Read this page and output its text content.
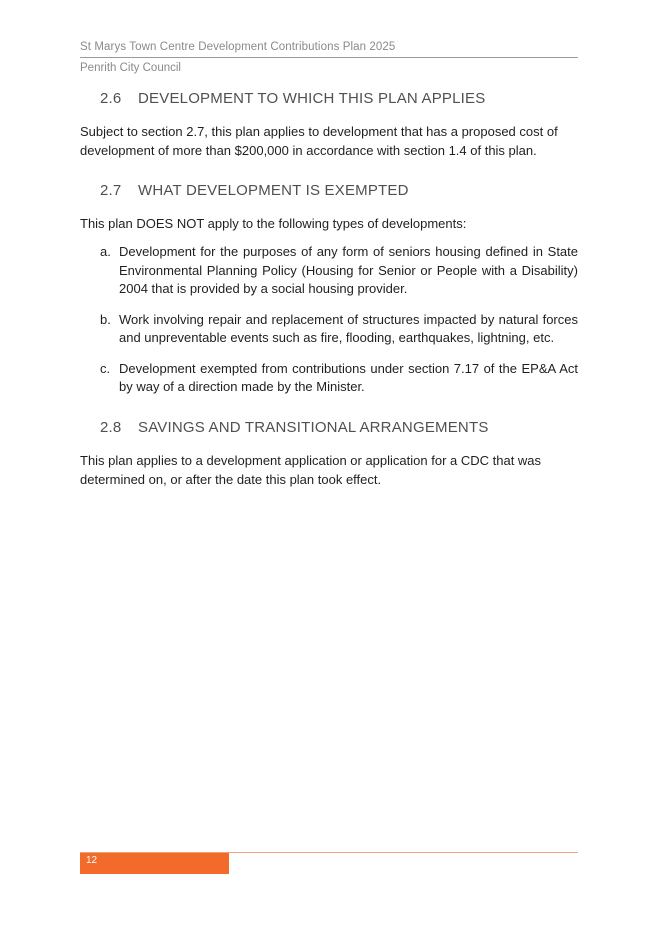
St Marys Town Centre Development Contributions Plan 2025
Penrith City Council
2.6	DEVELOPMENT TO WHICH THIS PLAN APPLIES

Subject to section 2.7, this plan applies to development that has a proposed cost of development of more than $200,000 in accordance with section 1.4 of this plan.

2.7	WHAT DEVELOPMENT IS EXEMPTED

This plan DOES NOT apply to the following types of developments:

a. Development for the purposes of any form of seniors housing defined in State Environmental Planning Policy (Housing for Senior or People with a Disability) 2004 that is provided by a social housing provider.
b. Work involving repair and replacement of structures impacted by natural forces and unpreventable events such as fire, flooding, earthquakes, lightning, etc.
c. Development exempted from contributions under section 7.17 of the EP&A Act by way of a direction made by the Minister.
2.8	SAVINGS AND TRANSITIONAL ARRANGEMENTS

This plan applies to a development application or application for a CDC that was determined on, or after the date this plan took effect.

12
